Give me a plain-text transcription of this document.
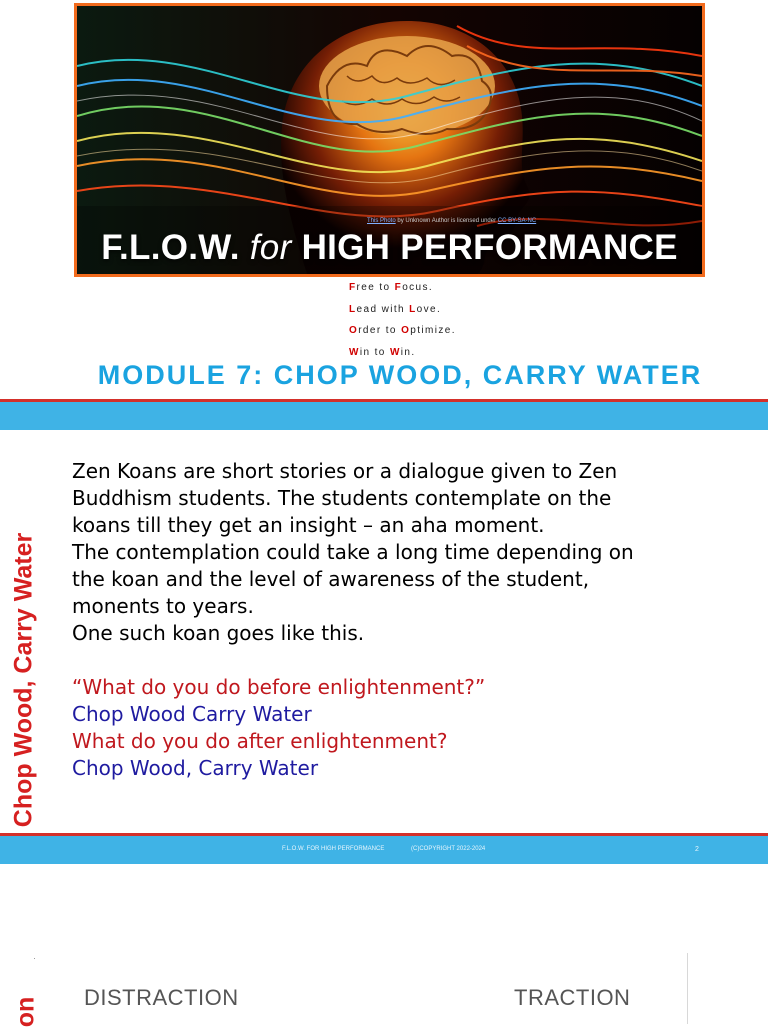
This Photo by Unknown Author is licensed under CC BY-SA-NC
F.L.O.W. for HIGH PERFORMANCE
Free to Focus.
Lead with Love.
Order to Optimize.
Win to Win.
MODULE 7: CHOP WOOD, CARRY WATER
Chop Wood, Carry Water

Zen Koans are short stories or a dialogue given to Zen

Buddhism students. The students contemplate on the

koans till they get an insight – an aha moment.

The contemplation could take a long time depending on

the koan and the level of awareness of the student,

monents to years.

One such koan goes like this.

“What do you do before enlightenment?”

Chop Wood Carry Water

What do you do after enlightenment?

Chop Wood, Carry Water

F.L.O.W. FOR HIGH PERFORMANCE	(C)COPYRIGHT 2022-2024	2
on DISTRACTION	TRACTION
